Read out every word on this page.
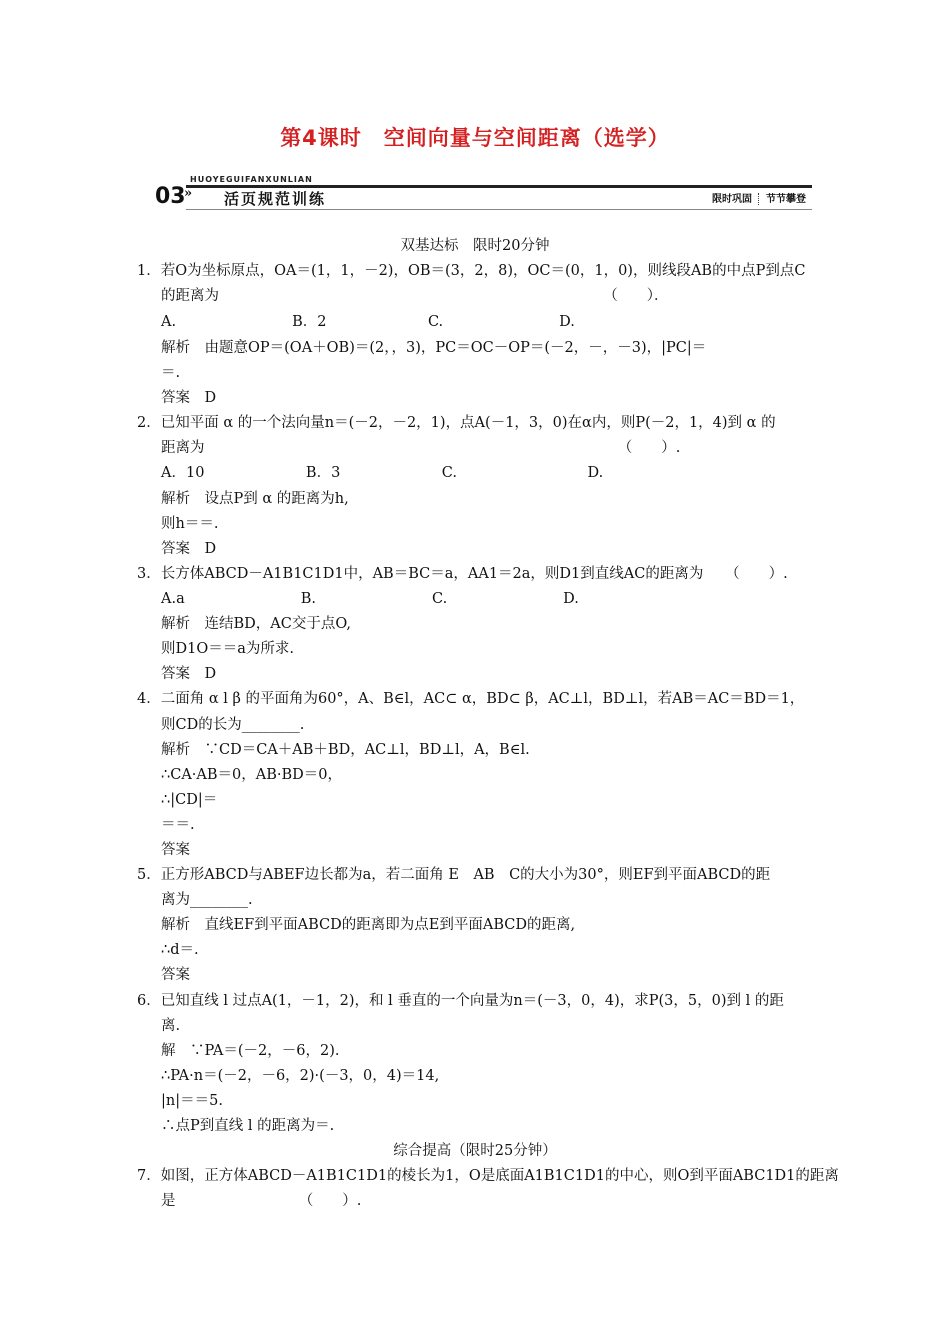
第4课时　空间向量与空间距离（选学）
HUOYEGUIFANXUNLIAN
03
» 活页规范训练	限时巩固 节节攀登
双基达标　限时20分钟
1．若O为坐标原点，OA＝(1，1，－2)，OB＝(3，2，8)，OC＝(0，1，0)，则线段AB的中点P到点C
的距离为　　　　　　　　　　　　　　　　　　　　　　　　　　　（　　）．
A.　　　　　　　　B．2　　　　　　　C.　　　　　　　　D.
解析　由题意OP＝(OA＋OB)＝(2，，3)，PC＝OC－OP＝(－2，－，－3)，|PC|＝
＝.
答案　D
2．已知平面 α 的一个法向量n＝(－2，－2，1)，点A(－1，3，0)在α内，则P(－2，1，4)到 α 的
距离为　　　　　　　　　　　　　　　　　　　　　　　　　　　　　（　　）.
A．10　　　　　　　B．3　　　　　　　C.　　　　　　　　　D.
解析　设点P到 α 的距离为h,
则h＝＝.
答案　D
3．长方体ABCD－A1B1C1D1中，AB＝BC＝a，AA1＝2a，则D1到直线AC的距离为　　（　　）.
A.a　　　　　　　　B.　　　　　　　　C.　　　　　　　　D.
解析　连结BD，AC交于点O,
则D1O＝＝a为所求.
答案　D
4．二面角 α l β 的平面角为60°，A、B∈l，AC⊂ α，BD⊂ β，AC⊥l，BD⊥l，若AB＝AC＝BD＝1，
则CD的长为________.
解析　∵CD＝CA＋AB＋BD，AC⊥l，BD⊥l，A，B∈l.
∴CA·AB＝0，AB·BD＝0，
∴|CD|＝
＝＝.
答案
5．正方形ABCD与ABEF边长都为a，若二面角 E　AB　C的大小为30°，则EF到平面ABCD的距
离为________.
解析　直线EF到平面ABCD的距离即为点E到平面ABCD的距离,
∴d＝.
答案
6．已知直线 l 过点A(1，－1，2)，和 l 垂直的一个向量为n＝(－3，0，4)，求P(3，5，0)到 l 的距
离.
解　∵PA＝(－2，－6，2).
∴PA·n＝(－2，－6，2)·(－3，0，4)＝14,
|n|＝＝5.
∴点P到直线 l 的距离为＝.
综合提高（限时25分钟）
7．如图，正方体ABCD－A1B1C1D1的棱长为1，O是底面A1B1C1D1的中心，则O到平面ABC1D1的距离
是　　　　　　　　　（　　）.
